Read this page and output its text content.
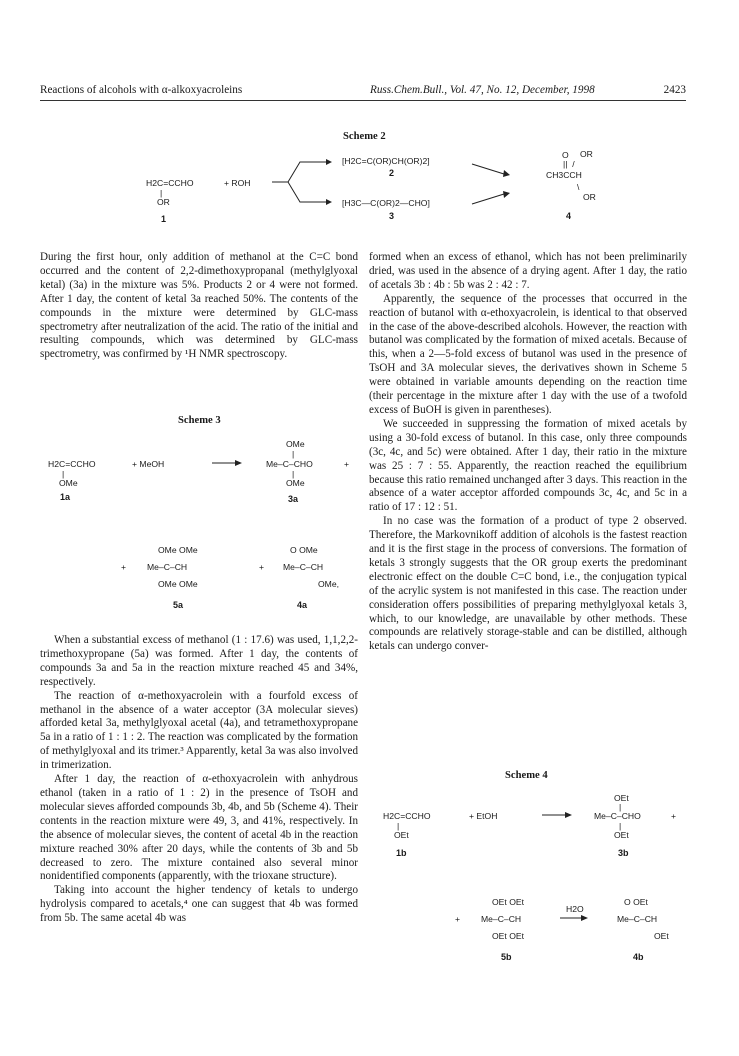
Reactions of alcohols with α-alkoxyacroleins	Russ.Chem.Bull., Vol. 47, No. 12, December, 1998	2423
Scheme 2
H2C=CCHO
|
OR
1
+ ROH
[H2C=C(OR)CH(OR)2]
2
[H3C—C(OR)2—CHO]
3
O OR
||  /
CH3CCH
\
OR
4

During the first hour, only addition of methanol at the C=C bond occurred and the content of 2,2-dimethoxypropanal (methylglyoxal ketal) (3a) in the mixture was 5%. Products 2 or 4 were not formed. After 1 day, the content of ketal 3a reached 50%. The contents of the compounds in the mixture were determined by GLC-mass spectrometry after neutralization of the acid. The ratio of the initial and resulting compounds, which was determined by GLC-mass spectrometry, was confirmed by ¹H NMR spectroscopy.

Scheme 3
H2C=CCHO
|
OMe
1a
+ MeOH
OMe
|
Me–C–CHO
|
OMe
+
3a
+
OMe OMe
Me–C–CH
OMe OMe
5a
+
O OMe
Me–C–CH
OMe,
4a

When a substantial excess of methanol (1 : 17.6) was used, 1,1,2,2-trimethoxypropane (5a) was formed. After 1 day, the contents of compounds 3a and 5a in the reaction mixture reached 45 and 34%, respectively.

The reaction of α-methoxyacrolein with a fourfold excess of methanol in the absence of a water acceptor (3A molecular sieves) afforded ketal 3a, methylglyoxal acetal (4a), and tetramethoxypropane 5a in a ratio of 1 : 1 : 2. The reaction was complicated by the formation of methylglyoxal and its trimer.³ Apparently, ketal 3a was also involved in trimerization.

After 1 day, the reaction of α-ethoxyacrolein with anhydrous ethanol (taken in a ratio of 1 : 2) in the presence of TsOH and molecular sieves afforded compounds 3b, 4b, and 5b (Scheme 4). Their contents in the reaction mixture were 49, 3, and 41%, respectively. In the absence of molecular sieves, the content of acetal 4b in the reaction mixture reached 30% after 20 days, while the contents of 3b and 5b decreased to zero. The mixture contained also several minor nonidentified components (apparently, with the trioxane structure).

Taking into account the higher tendency of ketals to undergo hydrolysis compared to acetals,⁴ one can suggest that 4b was formed from 5b. The same acetal 4b was

formed when an excess of ethanol, which has not been preliminarily dried, was used in the absence of a drying agent. After 1 day, the ratio of acetals 3b : 4b : 5b was 2 : 42 : 7.

Apparently, the sequence of the processes that occurred in the reaction of butanol with α-ethoxyacrolein, is identical to that observed in the case of the above-described alcohols. However, the reaction with butanol was complicated by the formation of mixed acetals. Because of this, when a 2—5-fold excess of butanol was used in the presence of TsOH and 3A molecular sieves, the derivatives shown in Scheme 5 were obtained in variable amounts depending on the reaction time (their percentage in the mixture after 1 day with the use of a twofold excess of BuOH is given in parentheses).

We succeeded in suppressing the formation of mixed acetals by using a 30-fold excess of butanol. In this case, only three compounds (3c, 4c, and 5c) were obtained. After 1 day, their ratio in the mixture was 25 : 7 : 55. Apparently, the reaction reached the equilibrium because this ratio remained unchanged after 3 days. This reaction in the absence of a water acceptor afforded compounds 3c, 4c, and 5c in a ratio of 17 : 12 : 51.

In no case was the formation of a product of type 2 observed. Therefore, the Markovnikoff addition of alcohols is the fastest reaction and it is the first stage in the process of conversions. The formation of ketals 3 strongly suggests that the OR group exerts the predominant electronic effect on the double C=C bond, i.e., the conjugation typical of the acrylic system is not manifested in this case. The reaction under consideration offers possibilities of preparing methylglyoxal ketals 3, which, to our knowledge, are unavailable by other methods. These compounds are relatively storage-stable and can be distilled, although ketals can undergo conver-

Scheme 4
H2C=CCHO
|
OEt
1b
+ EtOH
OEt
|
Me–C–CHO
|
OEt
+
3b
+
OEt OEt
Me–C–CH
OEt OEt
5b
H2O
O OEt
Me–C–CH
OEt
4b
